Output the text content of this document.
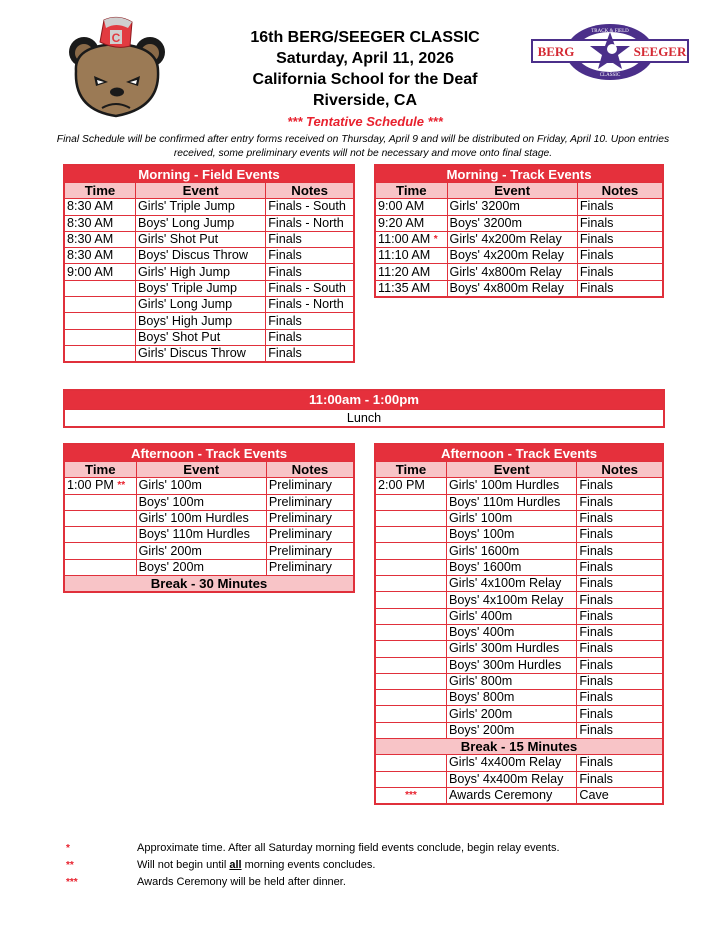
C	16th BERG/SEEGER CLASSIC
Saturday, April 11, 2026
California School for the Deaf
Riverside, CA
*** Tentative Schedule ***
BERG	SEEGER
TRACK & FIELD
CLASSIC
Final Schedule will be confirmed after entry forms received on Thursday, April 9 and will be distributed on Friday, April 10. Upon entries received, some preliminary events will not be necessary and move onto final stage.
Morning - Field Events		
Time	Event	Notes
8:30 AM	Girls' Triple Jump	Finals - South
8:30 AM	Boys' Long Jump	Finals - North
8:30 AM	Girls' Shot Put	Finals
8:30 AM	Boys' Discus Throw	Finals
9:00 AM	Girls' High Jump	Finals
	Boys' Triple Jump	Finals - South
	Girls' Long Jump	Finals - North
	Boys' High Jump	Finals
	Boys' Shot Put	Finals
	Girls' Discus Throw	Finals
Morning - Track Events		
Time	Event	Notes
9:00 AM	Girls' 3200m	Finals
9:20 AM	Boys' 3200m	Finals
11:00 AM *	Girls' 4x200m Relay	Finals
11:10 AM	Boys' 4x200m Relay	Finals
11:20 AM	Girls' 4x800m Relay	Finals
11:35 AM	Boys' 4x800m Relay	Finals
11:00am - 1:00pm
Lunch
Afternoon - Track Events		
Time	Event	Notes
1:00 PM **	Girls' 100m	Preliminary
	Boys' 100m	Preliminary
	Girls' 100m Hurdles	Preliminary
	Boys' 110m Hurdles	Preliminary
	Girls' 200m	Preliminary
	Boys' 200m	Preliminary
Break - 30 Minutes		
Afternoon - Track Events		
Time	Event	Notes
2:00 PM	Girls' 100m Hurdles	Finals
	Boys' 110m Hurdles	Finals
	Girls' 100m	Finals
	Boys' 100m	Finals
	Girls' 1600m	Finals
	Boys' 1600m	Finals
	Girls' 4x100m Relay	Finals
	Boys' 4x100m Relay	Finals
	Girls' 400m	Finals
	Boys' 400m	Finals
	Girls' 300m Hurdles	Finals
	Boys' 300m Hurdles	Finals
	Girls' 800m	Finals
	Boys' 800m	Finals
	Girls' 200m	Finals
	Boys' 200m	Finals
Break - 15 Minutes		
	Girls' 4x400m Relay	Finals
	Boys' 4x400m Relay	Finals
***	Awards Ceremony	Cave
*	Approximate time. After all Saturday morning field events conclude, begin relay events.
**	Will not begin until all morning events concludes.
***	Awards Ceremony will be held after dinner.
